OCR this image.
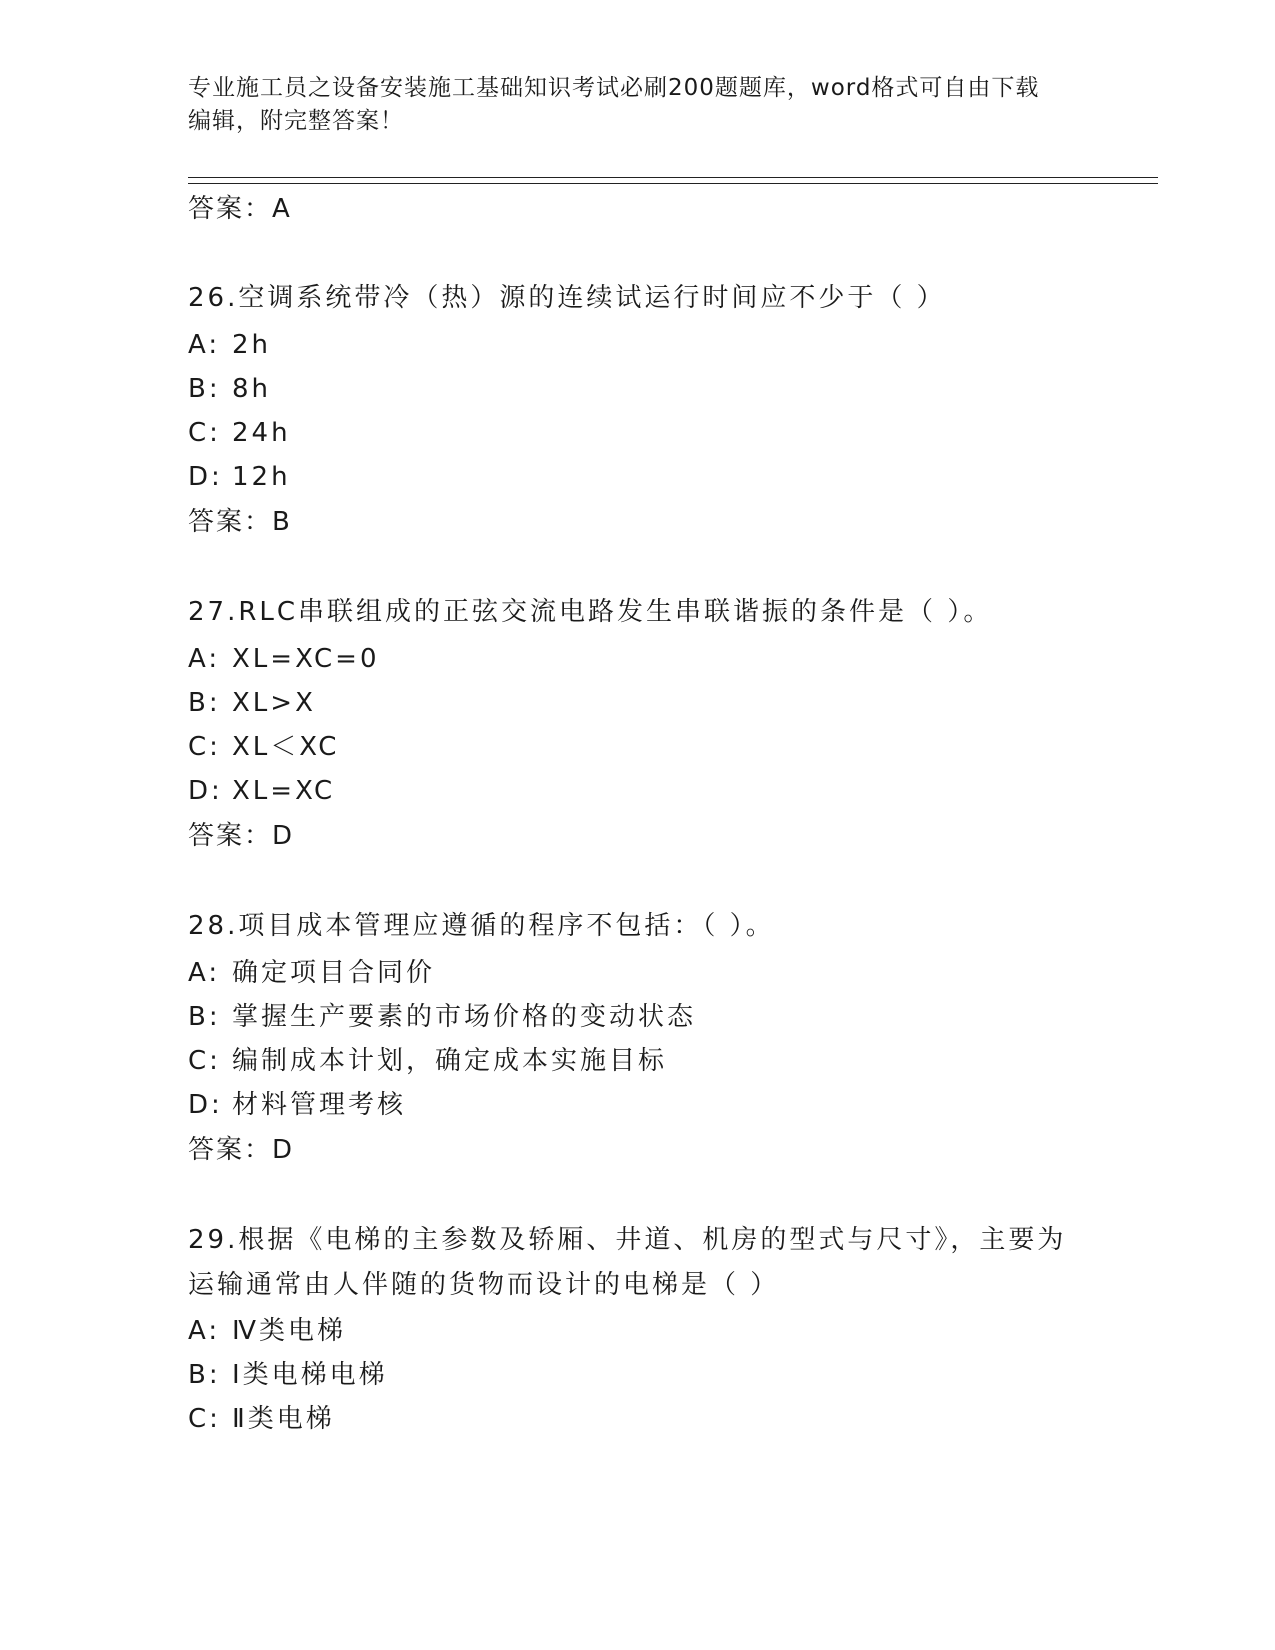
专业施工员之设备安装施工基础知识考试必刷200题题库，word格式可自由下载
编辑，附完整答案！
答案：A
26.空调系统带冷（热）源的连续试运行时间应不少于（ ）
A: 2h
B: 8h
C: 24h
D: 12h
答案：B
27.RLC串联组成的正弦交流电路发生串联谐振的条件是（ ）。
A: XL=XC=0
B: XL>X
C: XL＜XC
D: XL=XC
答案：D
28.项目成本管理应遵循的程序不包括：（ ）。
A: 确定项目合同价
B: 掌握生产要素的市场价格的变动状态
C: 编制成本计划，确定成本实施目标
D: 材料管理考核
答案：D
29.根据《电梯的主参数及轿厢、井道、机房的型式与尺寸》，主要为
运输通常由人伴随的货物而设计的电梯是（ ）
A: Ⅳ类电梯
B: Ⅰ类电梯电梯
C: Ⅱ类电梯
